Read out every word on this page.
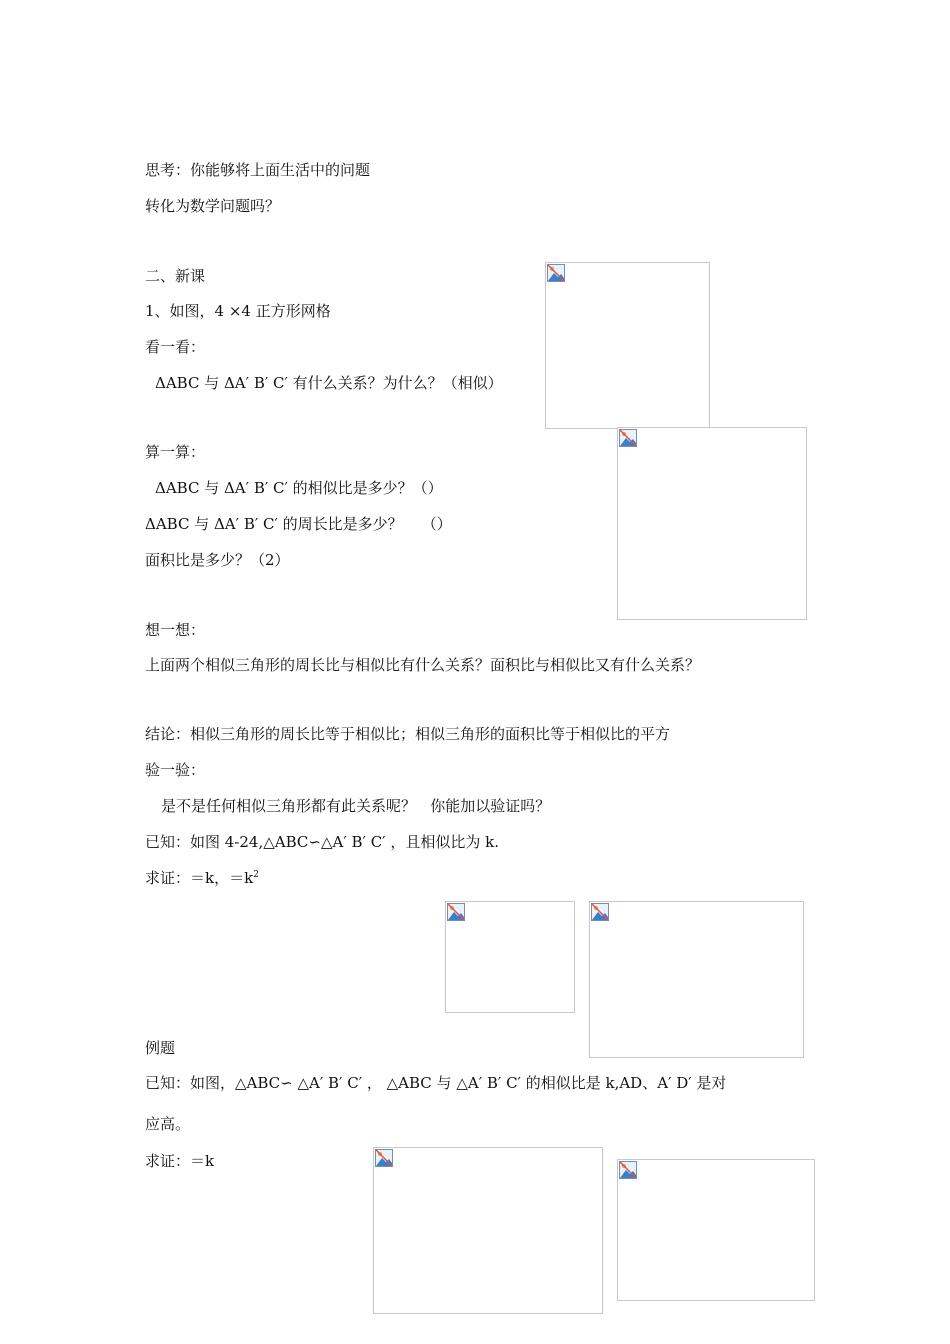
思考：你能够将上面生活中的问题
转化为数学问题吗？
二、新课
1、如图，4 ×4 正方形网格
看一看：
ΔABC 与 ΔA′ B′ C′ 有什么关系？为什么？（相似）
算一算：
ΔABC 与 ΔA′ B′ C′ 的相似比是多少？（）
ΔABC 与 ΔA′ B′ C′ 的周长比是多少？    （）
面积比是多少？（2）
想一想：
上面两个相似三角形的周长比与相似比有什么关系？面积比与相似比又有什么关系？
结论：相似三角形的周长比等于相似比；相似三角形的面积比等于相似比的平方
验一验：
是不是任何相似三角形都有此关系呢？   你能加以验证吗？
已知：如图 4-24,△ABC∽△A′ B′ C′ ，且相似比为 k.
求证：＝k，$=k^2$
例题
已知：如图，△ABC∽ △A′ B′ C′ ， △ABC 与 △A′ B′ C′ 的相似比是 k,AD、A′ D′ 是对
应高。
求证：＝k
